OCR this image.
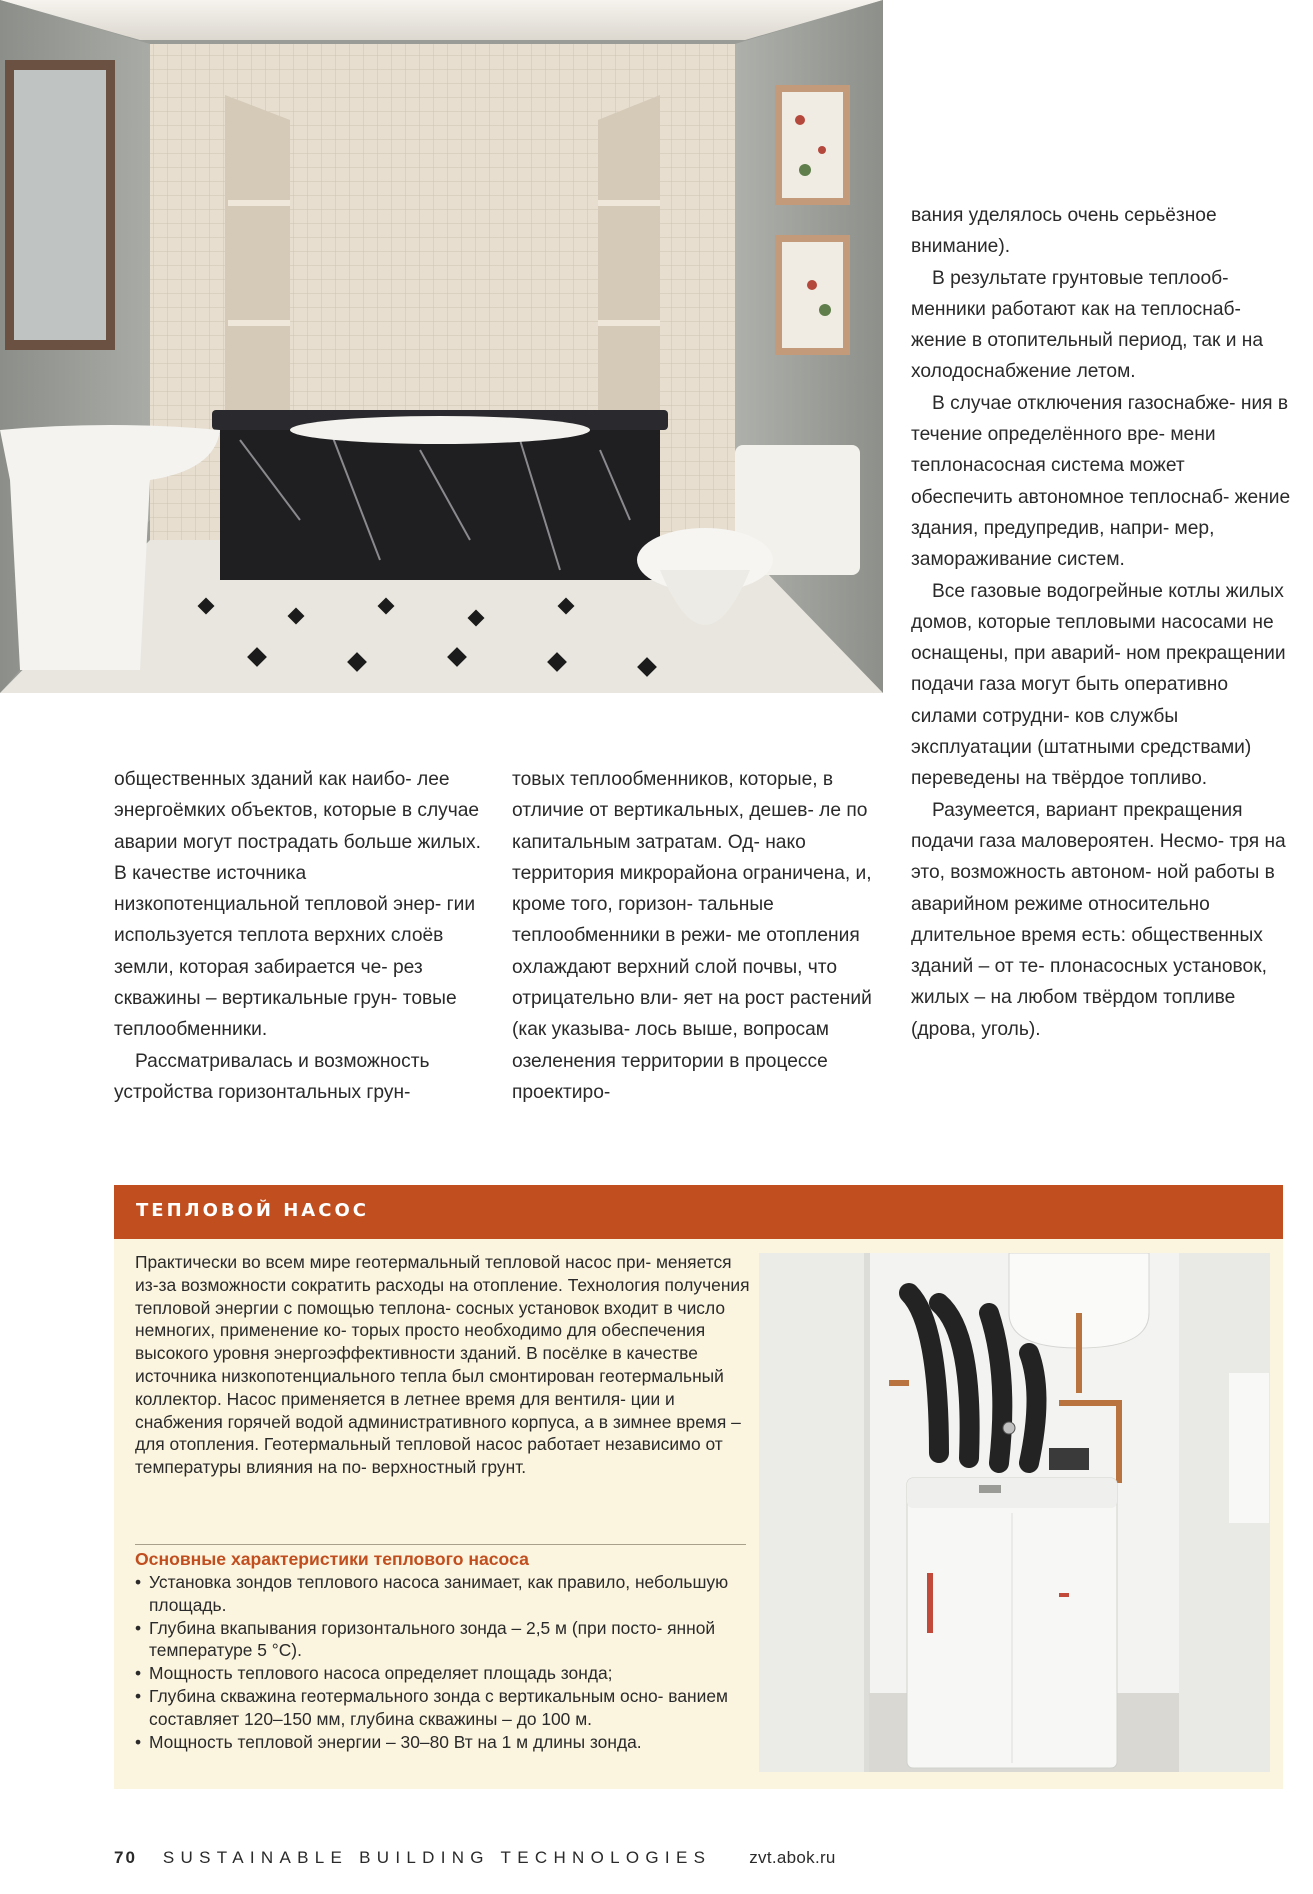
общественных зданий как наибо- лее энергоёмких объектов, которые в случае аварии могут пострадать больше жилых. В качестве источника низкопотенциальной тепловой энер- гии используется теплота верхних слоёв земли, которая забирается че- рез скважины – вертикальные грун- товые теплообменники.

Рассматривалась и возможность устройства горизонтальных грун-

товых теплообменников, которые, в отличие от вертикальных, дешев- ле по капитальным затратам. Од- нако территория микрорайона ограничена, и, кроме того, горизон- тальные теплообменники в режи- ме отопления охлаждают верхний слой почвы, что отрицательно вли- яет на рост растений (как указыва- лось выше, вопросам озеленения территории в процессе проектиро-

вания уделялось очень серьёзное внимание).

В результате грунтовые теплооб- менники работают как на теплоснаб- жение в отопительный период, так и на холодоснабжение летом.

В случае отключения газоснабже- ния в течение определённого вре- мени теплонасосная система может обеспечить автономное теплоснаб- жение здания, предупредив, напри- мер, замораживание систем.

Все газовые водогрейные котлы жилых домов, которые тепловыми насосами не оснащены, при аварий- ном прекращении подачи газа могут быть оперативно силами сотрудни- ков службы эксплуатации (штатными средствами) переведены на твёрдое топливо.

Разумеется, вариант прекращения подачи газа маловероятен. Несмо- тря на это, возможность автоном- ной работы в аварийном режиме относительно длительное время есть: общественных зданий – от те- плонасосных установок, жилых – на любом твёрдом топливе (дрова, уголь).

ТЕПЛОВОЙ НАСОС

Практически во всем мире геотермальный тепловой насос при- меняется из-за возможности сократить расходы на отопление. Технология получения тепловой энергии с помощью теплона- сосных установок входит в число немногих, применение ко- торых просто необходимо для обеспечения высокого уровня энергоэффективности зданий. В посёлке в качестве источника низкопотенциального тепла был смонтирован геотермальный коллектор. Насос применяется в летнее время для вентиля- ции и снабжения горячей водой административного корпуса, а в зимнее время – для отопления. Геотермальный тепловой насос работает независимо от температуры влияния на по- верхностный грунт.

Основные характеристики теплового насоса
• Установка зондов теплового насоса занимает, как правило, небольшую площадь.
• Глубина вкапывания горизонтального зонда – 2,5 м (при посто- янной температуре 5 °С).
• Мощность теплового насоса определяет площадь зонда;
• Глубина скважина геотермального зонда с вертикальным осно- ванием составляет 120–150 мм, глубина скважины – до 100 м.
• Мощность тепловой энергии – 30–80 Вт на 1 м длины зонда.
70 SUSTAINABLE BUILDING TECHNOLOGIES zvt.abok.ru
